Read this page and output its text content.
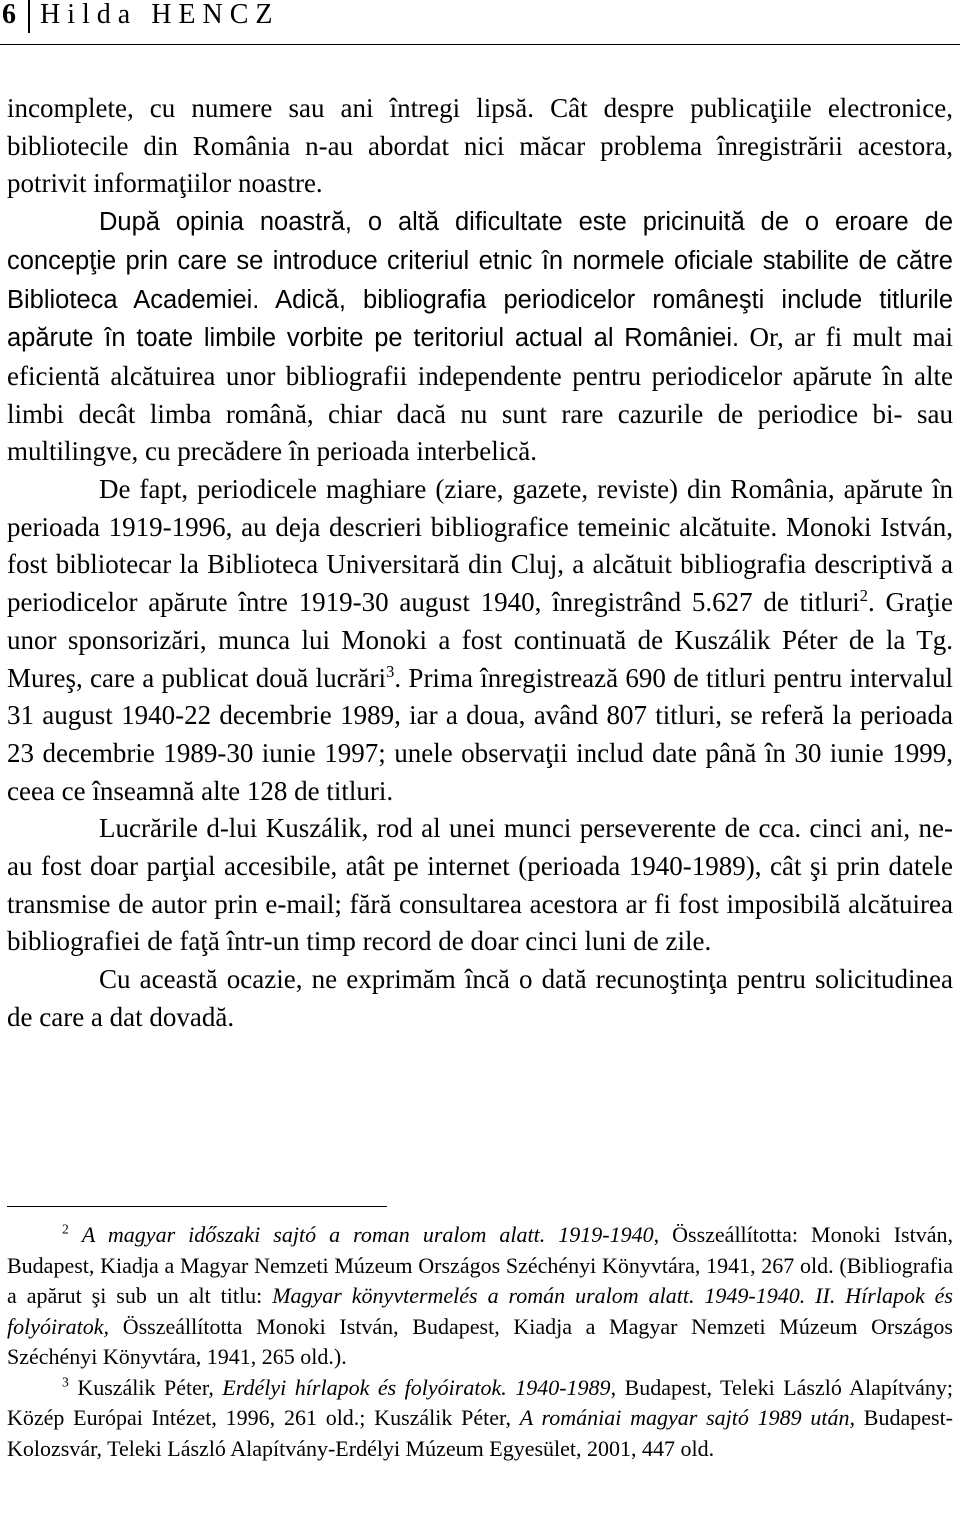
6 Hilda HENCZ

incomplete, cu numere sau ani întregi lipsă. Cât despre publicaţiile electronice, bibliotecile din România n-au abordat nici măcar problema înregistrării acestora, potrivit informaţiilor noastre.

După opinia noastră, o altă dificultate este pricinuită de o eroare de concepţie prin care se introduce criteriul etnic în normele oficiale stabilite de către Biblioteca Academiei. Adică, bibliografia periodicelor româneşti include titlurile apărute în toate limbile vorbite pe teritoriul actual al României. Or, ar fi mult mai eficientă alcătuirea unor bibliografii independente pentru periodicelor apărute în alte limbi decât limba română, chiar dacă nu sunt rare cazurile de periodice bi- sau multilingve, cu precădere în perioada interbelică.

De fapt, periodicele maghiare (ziare, gazete, reviste) din România, apărute în perioada 1919-1996, au deja descrieri bibliografice temeinic alcătuite. Monoki István, fost bibliotecar la Biblioteca Universitară din Cluj, a alcătuit bibliografia descriptivă a periodicelor apărute între 1919-30 august 1940, înregistrând 5.627 de titluri$^2$. Graţie unor sponsorizări, munca lui Monoki a fost continuată de Kuszálik Péter de la Tg. Mureş, care a publicat două lucrări$^3$. Prima înregistrează 690 de titluri pentru intervalul 31 august 1940-22 decembrie 1989, iar a doua, având 807 titluri, se referă la perioada 23 decembrie 1989-30 iunie 1997; unele observaţii includ date până în 30 iunie 1999, ceea ce înseamnă alte 128 de titluri.

Lucrările d-lui Kuszálik, rod al unei munci perseverente de cca. cinci ani, ne-au fost doar parţial accesibile, atât pe internet (perioada 1940-1989), cât şi prin datele transmise de autor prin e-mail; fără consultarea acestora ar fi fost imposibilă alcătuirea bibliografiei de faţă într-un timp record de doar cinci luni de zile.

Cu această ocazie, ne exprimăm încă o dată recunoştinţa pentru solicitudinea de care a dat dovadă.

$^2$ A magyar időszaki sajtó a roman uralom alatt. 1919-1940, Összeállította: Monoki István, Budapest, Kiadja a Magyar Nemzeti Múzeum Országos Széchényi Könyvtára, 1941, 267 old. (Bibliografia a apărut şi sub un alt titlu: Magyar könyvtermelés a román uralom alatt. 1949-1940. II. Hírlapok és folyóiratok, Összeállította Monoki István, Budapest, Kiadja a Magyar Nemzeti Múzeum Országos Széchényi Könyvtára, 1941, 265 old.).

$^3$ Kuszálik Péter, Erdélyi hírlapok és folyóiratok. 1940-1989, Budapest, Teleki László Alapítvány; Közép Európai Intézet, 1996, 261 old.; Kuszálik Péter, A romániai magyar sajtó 1989 után, Budapest-Kolozsvár, Teleki László Alapítvány-Erdélyi Múzeum Egyesület, 2001, 447 old.
